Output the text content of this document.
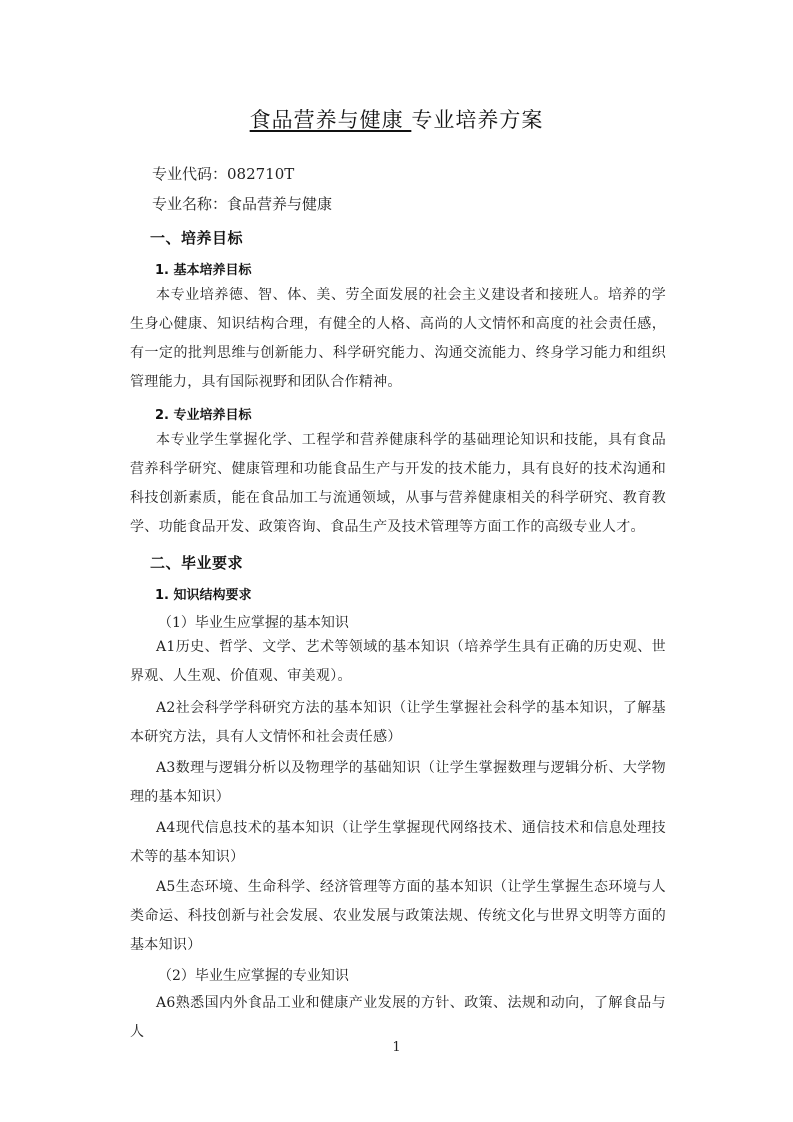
食品营养与健康 专业培养方案
专业代码：082710T
专业名称：食品营养与健康
一、培养目标
1. 基本培养目标

本专业培养德、智、体、美、劳全面发展的社会主义建设者和接班人。培养的学生身心健康、知识结构合理，有健全的人格、高尚的人文情怀和高度的社会责任感，有一定的批判思维与创新能力、科学研究能力、沟通交流能力、终身学习能力和组织管理能力，具有国际视野和团队合作精神。

2. 专业培养目标

本专业学生掌握化学、工程学和营养健康科学的基础理论知识和技能，具有食品营养科学研究、健康管理和功能食品生产与开发的技术能力，具有良好的技术沟通和科技创新素质，能在食品加工与流通领域，从事与营养健康相关的科学研究、教育教学、功能食品开发、政策咨询、食品生产及技术管理等方面工作的高级专业人才。

二、毕业要求
1. 知识结构要求
（1）毕业生应掌握的基本知识

A1历史、哲学、文学、艺术等领域的基本知识（培养学生具有正确的历史观、世界观、人生观、价值观、审美观）。

A2社会科学学科研究方法的基本知识（让学生掌握社会科学的基本知识，了解基本研究方法，具有人文情怀和社会责任感）

A3数理与逻辑分析以及物理学的基础知识（让学生掌握数理与逻辑分析、大学物理的基本知识）

A4现代信息技术的基本知识（让学生掌握现代网络技术、通信技术和信息处理技术等的基本知识）

A5生态环境、生命科学、经济管理等方面的基本知识（让学生掌握生态环境与人类命运、科技创新与社会发展、农业发展与政策法规、传统文化与世界文明等方面的基本知识）

（2）毕业生应掌握的专业知识

A6熟悉国内外食品工业和健康产业发展的方针、政策、法规和动向，了解食品与人

1
